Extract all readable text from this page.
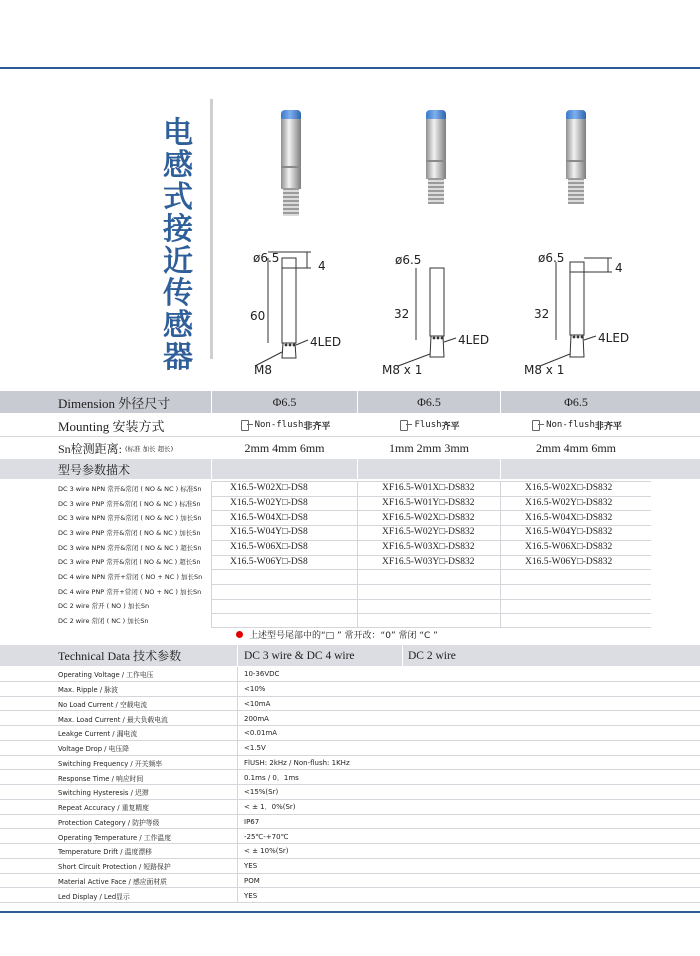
电
感
式
接
近
传
感
器
ø6.5
4
60
4LED
M8
ø6.5
32
4LED
M8 x 1
ø6.5
4
32
4LED
M8 x 1
Dimension 外径尺寸	Φ6.5	Φ6.5	Φ6.5
Mounting 安装方式	Non-flush 非齐平	Flush 齐平	Non-flush 非齐平
Sn检测距离: (标准 加长 超长)	2mm 4mm 6mm	1mm 2mm 3mm	2mm 4mm 6mm
型号参数描术
DC 3 wire NPN 常开&常闭 ( NO & NC ) 标准Sn	X16.5-W02X□-DS8	XF16.5-W01X□-DS832	X16.5-W02X□-DS832
DC 3 wire PNP 常开&常闭 ( NO & NC ) 标准Sn	X16.5-W02Y□-DS8	XF16.5-W01Y□-DS832	X16.5-W02Y□-DS832
DC 3 wire NPN 常开&常闭 ( NO & NC ) 加长Sn	X16.5-W04X□-DS8	XF16.5-W02X□-DS832	X16.5-W04X□-DS832
DC 3 wire PNP 常开&常闭 ( NO & NC ) 加长Sn	X16.5-W04Y□-DS8	XF16.5-W02Y□-DS832	X16.5-W04Y□-DS832
DC 3 wire NPN 常开&常闭 ( NO & NC ) 超长Sn	X16.5-W06X□-DS8	XF16.5-W03X□-DS832	X16.5-W06X□-DS832
DC 3 wire PNP 常开&常闭 ( NO & NC ) 超长Sn	X16.5-W06Y□-DS8	XF16.5-W03Y□-DS832	X16.5-W06Y□-DS832
DC 4 wire NPN 常开+常闭 ( NO + NC ) 加长Sn
DC 4 wire PNP 常开+常闭 ( NO + NC ) 加长Sn
DC 2 wire 常开 ( NO ) 加长Sn
DC 2 wire 常闭 ( NC ) 加长Sn
上述型号尾部中的“□ ” 常开改：“0” 常闭 “C ”
Technical Data 技术参数	DC 3 wire & DC 4 wire	DC 2 wire
Operating Voltage / 工作电压	10-36VDC
Max. Ripple / 脉波	<10%
No Load Current / 空载电流	<10mA
Max. Load Current / 最大负载电流	200mA
Leakge Current / 漏电流	<0.01mA
Voltage Drop / 电压降	<1.5V
Switching Frequency / 开关频率	FlUSH: 2kHz / Non-flush: 1KHz
Response Time / 响应时间	0.1ms / 0．1ms
Switching Hysteresis / 迟滞	<15%(Sr)
Repeat Accuracy / 重复精度	< ± 1．0%(Sr)
Protection Category / 防护等级	IP67
Operating Temperature / 工作温度	-25℃-+70℃
Temperature Drift / 温度漂移	< ± 10%(Sr)
Short Circuit Protection / 短路保护	YES
Material Active Face / 感应面材质	POM
Led Display / Led显示	YES
